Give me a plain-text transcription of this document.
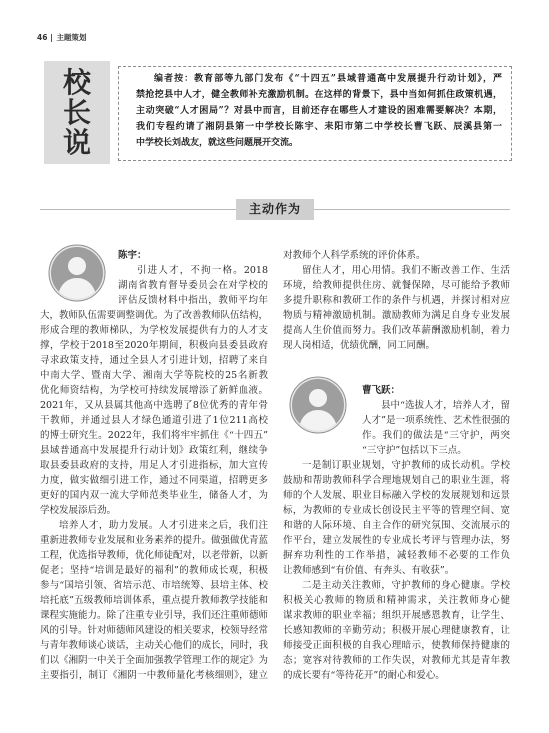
46 主题策划
校
长
说
编者按：教育部等九部门发布《“十四五”县域普通高中发展提升行动计划》，严
禁抢挖县中人才，健全教师补充激励机制。在这样的背景下，县中当如何抓住政策机遇，
主动突破“人才困局”？对县中而言，目前还存在哪些人才建设的困难需要解决？本期，
我们专程约请了湘阴县第一中学校长陈宇、耒阳市第二中学校长曹飞跃、辰溪县第一
中学校长刘战友，就这些问题展开交流。
主动作为
陈宇：
引进人才，不拘一格。2018
湖南省教育督导委员会在对学校的
评估反馈材料中指出，教师平均年
大，教师队伍需要调整调优。为了改善教师队伍结构，
形成合理的教师梯队，为学校发展提供有力的人才支
撑，学校于2018至2020年期间，积极向县委县政府
寻求政策支持，通过全县人才引进计划，招聘了来自
中南大学、暨南大学、湘南大学等院校的25名新教
优化师资结构，为学校可持续发展增添了新鲜血液。
2021年，又从县属其他高中选聘了8位优秀的青年骨
干教师，并通过县人才绿色通道引进了1位211高校
的博士研究生。2022年，我们将牢牢抓住《“十四五”
县域普通高中发展提升行动计划》政策红利，继续争
取县委县政府的支持，用足人才引进指标，加大宣传
力度，做实做细引进工作，通过不同渠道，招聘更多
更好的国内双一流大学师范类毕业生，储备人才，为
学校发展添后劲。
培养人才，助力发展。人才引进来之后，我们注
重新进教师专业发展和业务素养的提升。做强做优青蓝
工程，优选指导教师，优化师徒配对，以老带新，以新
促老；坚持“培训是最好的福利”的教师成长观，积极
参与“国培引领、省培示范、市培统筹、县培主体、校
培托底”五级教师培训体系，重点提升教师教学技能和
课程实施能力。除了注重专业引导，我们还注重师德师
风的引导。针对师德师风建设的相关要求，校领导经常
与青年教师谈心谈话，主动关心他们的成长，同时，我
们以《湘阴一中关于全面加强教学管理工作的规定》为
主要指引，制订《湘阴一中教师量化考核细则》，建立
对教师个人科学系统的评价体系。
留住人才，用心用情。我们不断改善工作、生活
环境，给教师提供住房、就餐保障，尽可能给予教师
多提升职称和教研工作的条件与机遇，并探讨相对应
物质与精神激励机制。激励教师为满足自身专业发展
提高人生价值而努力。我们改革薪酬激励机制，着力
现人岗相适，优绩优酬，同工同酬。
曹飞跃：
县中“选拔人才，培养人才，留
人才”是一项系统性、艺术性很强的
作。我们的做法是“三守护，两突
“三守护”包括以下三点。
一是制订职业规划，守护教师的成长动机。学校
鼓励和帮助教师科学合理地规划自己的职业生涯，将
师的个人发展、职业目标融入学校的发展规划和远景
标，为教师的专业成长创设民主平等的管理空间、宽
和谐的人际环境、自主合作的研究氛围、交流展示的
作平台，建立发展性的专业成长考评与管理办法，努
摒弃功利性的工作举措，减轻教师不必要的工作负
让教师感到“有价值、有奔头、有收获”。
二是主动关注教师，守护教师的身心健康。学校
积极关心教师的物质和精神需求，关注教师身心健
谋求教师的职业幸福；组织开展感恩教育，让学生、
长感知教师的辛勤劳动；积极开展心理健康教育，让
师接受正面积极的自我心理暗示，使教师保持健康的
态；宽容对待教师的工作失误，对教师尤其是青年教
的成长要有“等待花开”的耐心和爱心。
